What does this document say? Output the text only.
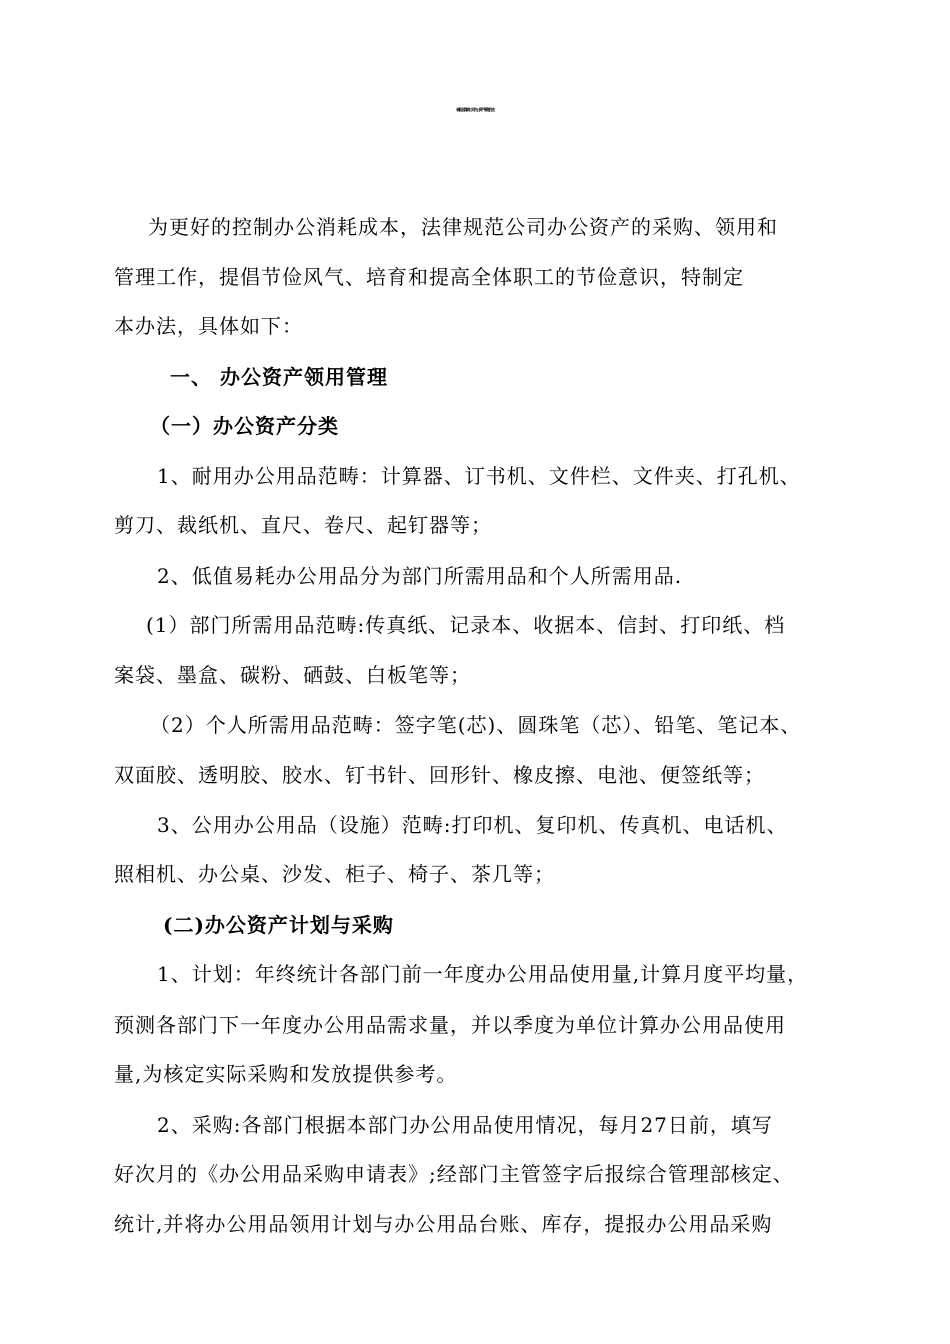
榆阳区煤炭公司办公资产管理办法
为更好的控制办公消耗成本，法律规范公司办公资产的采购、领用和
管理工作，提倡节俭风气、培育和提高全体职工的节俭意识，特制定
本办法，具体如下：
一、 办公资产领用管理
（一）办公资产分类
1、耐用办公用品范畴：计算器、订书机、文件栏、文件夹、打孔机、
剪刀、裁纸机、直尺、卷尺、起钉器等；
2、低值易耗办公用品分为部门所需用品和个人所需用品.
(1）部门所需用品范畴:传真纸、记录本、收据本、信封、打印纸、档
案袋、墨盒、碳粉、硒鼓、白板笔等；
（2）个人所需用品范畴：签字笔(芯)、圆珠笔（芯）、铅笔、笔记本、
双面胶、透明胶、胶水、钉书针、回形针、橡皮擦、电池、便签纸等；
3、公用办公用品（设施）范畴:打印机、复印机、传真机、电话机、
照相机、办公桌、沙发、柜子、椅子、茶几等；
(二)办公资产计划与采购
1、计划：年终统计各部门前一年度办公用品使用量,计算月度平均量，
预测各部门下一年度办公用品需求量，并以季度为单位计算办公用品使用
量,为核定实际采购和发放提供参考。
2、采购:各部门根据本部门办公用品使用情况，每月27日前，填写
好次月的《办公用品采购申请表》;经部门主管签字后报综合管理部核定、
统计,并将办公用品领用计划与办公用品台账、库存，提报办公用品采购
